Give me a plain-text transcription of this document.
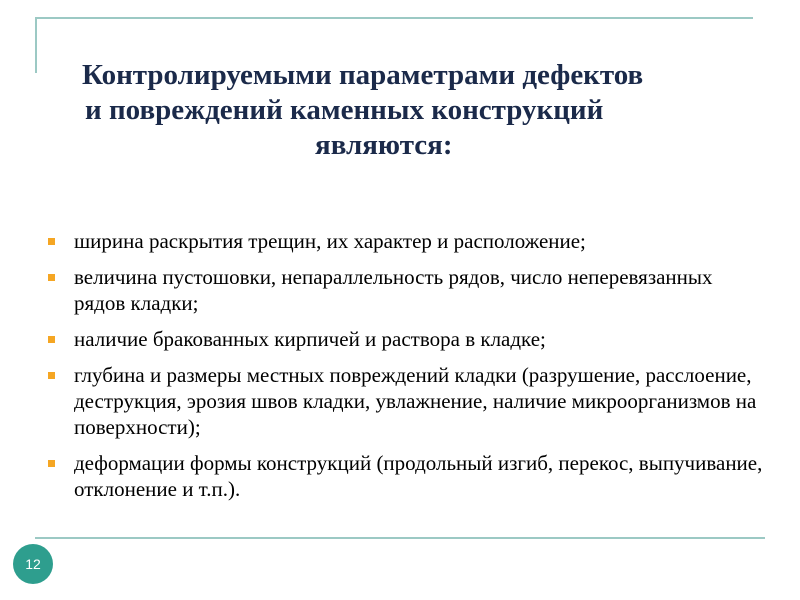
Контролируемыми параметрами дефектов
и повреждений каменных конструкций
являются:
ширина раскрытия трещин, их характер и расположение;
величина пустошовки, непараллельность рядов, число неперевязанных рядов кладки;
наличие бракованных кирпичей и раствора в кладке;
глубина и размеры местных повреждений кладки (разрушение, расслоение, деструкция, эрозия швов кладки, увлажнение, наличие микроорганизмов на поверхности);
деформации формы конструкций (продольный изгиб, перекос, выпучивание, отклонение и т.п.).
12
